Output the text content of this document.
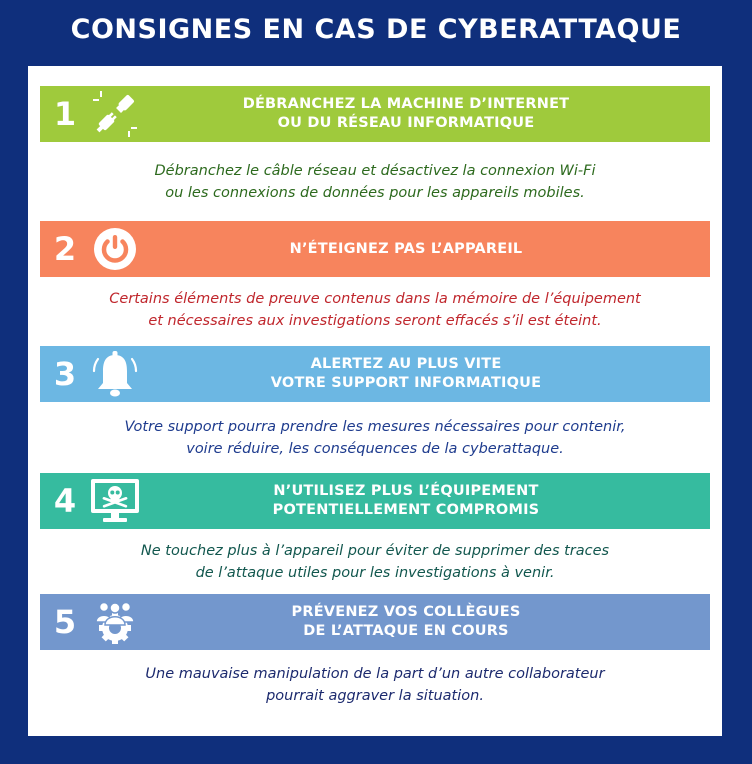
CONSIGNES EN CAS DE CYBERATTAQUE
1	DÉBRANCHEZ LA MACHINE D’INTERNET
OU DU RÉSEAU INFORMATIQUE
Débranchez le câble réseau et désactivez la connexion Wi-Fi
ou les connexions de données pour les appareils mobiles.
2	N’ÉTEIGNEZ PAS L’APPAREIL
Certains éléments de preuve contenus dans la mémoire de l’équipement
et nécessaires aux investigations seront effacés s’il est éteint.
3	ALERTEZ AU PLUS VITE
VOTRE SUPPORT INFORMATIQUE
Votre support pourra prendre les mesures nécessaires pour contenir,
voire réduire, les conséquences de la cyberattaque.
4	N’UTILISEZ PLUS L’ÉQUIPEMENT
POTENTIELLEMENT COMPROMIS
Ne touchez plus à l’appareil pour éviter de supprimer des traces
de l’attaque utiles pour les investigations à venir.
5	PRÉVENEZ VOS COLLÈGUES
DE L’ATTAQUE EN COURS
Une mauvaise manipulation de la part d’un autre collaborateur
pourrait aggraver la situation.
